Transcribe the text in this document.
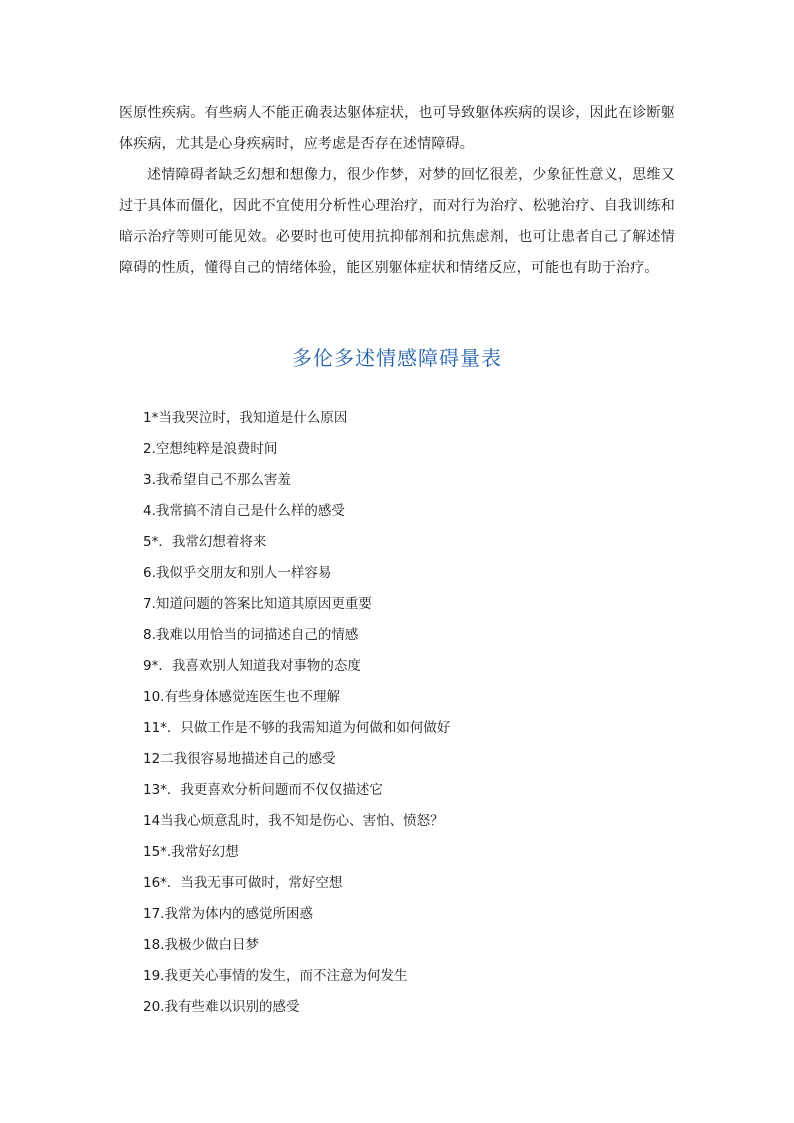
医原性疾病。有些病人不能正确表达躯体症状，也可导致躯体疾病的误诊，因此在诊断躯体疾病，尤其是心身疾病时，应考虑是否存在述情障碍。

述情障碍者缺乏幻想和想像力，很少作梦，对梦的回忆很差，少象征性意义，思维又过于具体而僵化，因此不宜使用分析性心理治疗，而对行为治疗、松驰治疗、自我训练和暗示治疗等则可能见效。必要时也可使用抗抑郁剂和抗焦虑剂，也可让患者自己了解述情障碍的性质，懂得自己的情绪体验，能区别躯体症状和情绪反应，可能也有助于治疗。

多伦多述情感障碍量表
1*当我哭泣时，我知道是什么原因
2.空想纯粹是浪费时间
3.我希望自己不那么害羞
4.我常搞不清自己是什么样的感受
5*．我常幻想着将来
6.我似乎交朋友和别人一样容易
7.知道问题的答案比知道其原因更重要
8.我难以用恰当的词描述自己的情感
9*．我喜欢别人知道我对事物的态度
10.有些身体感觉连医生也不理解
11*．只做工作是不够的我需知道为何做和如何做好
12二我很容易地描述自己的感受
13*．我更喜欢分析问题而不仅仅描述它
14当我心烦意乱时，我不知是伤心、害怕、愤怒？
15*.我常好幻想
16*．当我无事可做时，常好空想
17.我常为体内的感觉所困惑
18.我极少做白日梦
19.我更关心事情的发生，而不注意为何发生
20.我有些难以识别的感受
